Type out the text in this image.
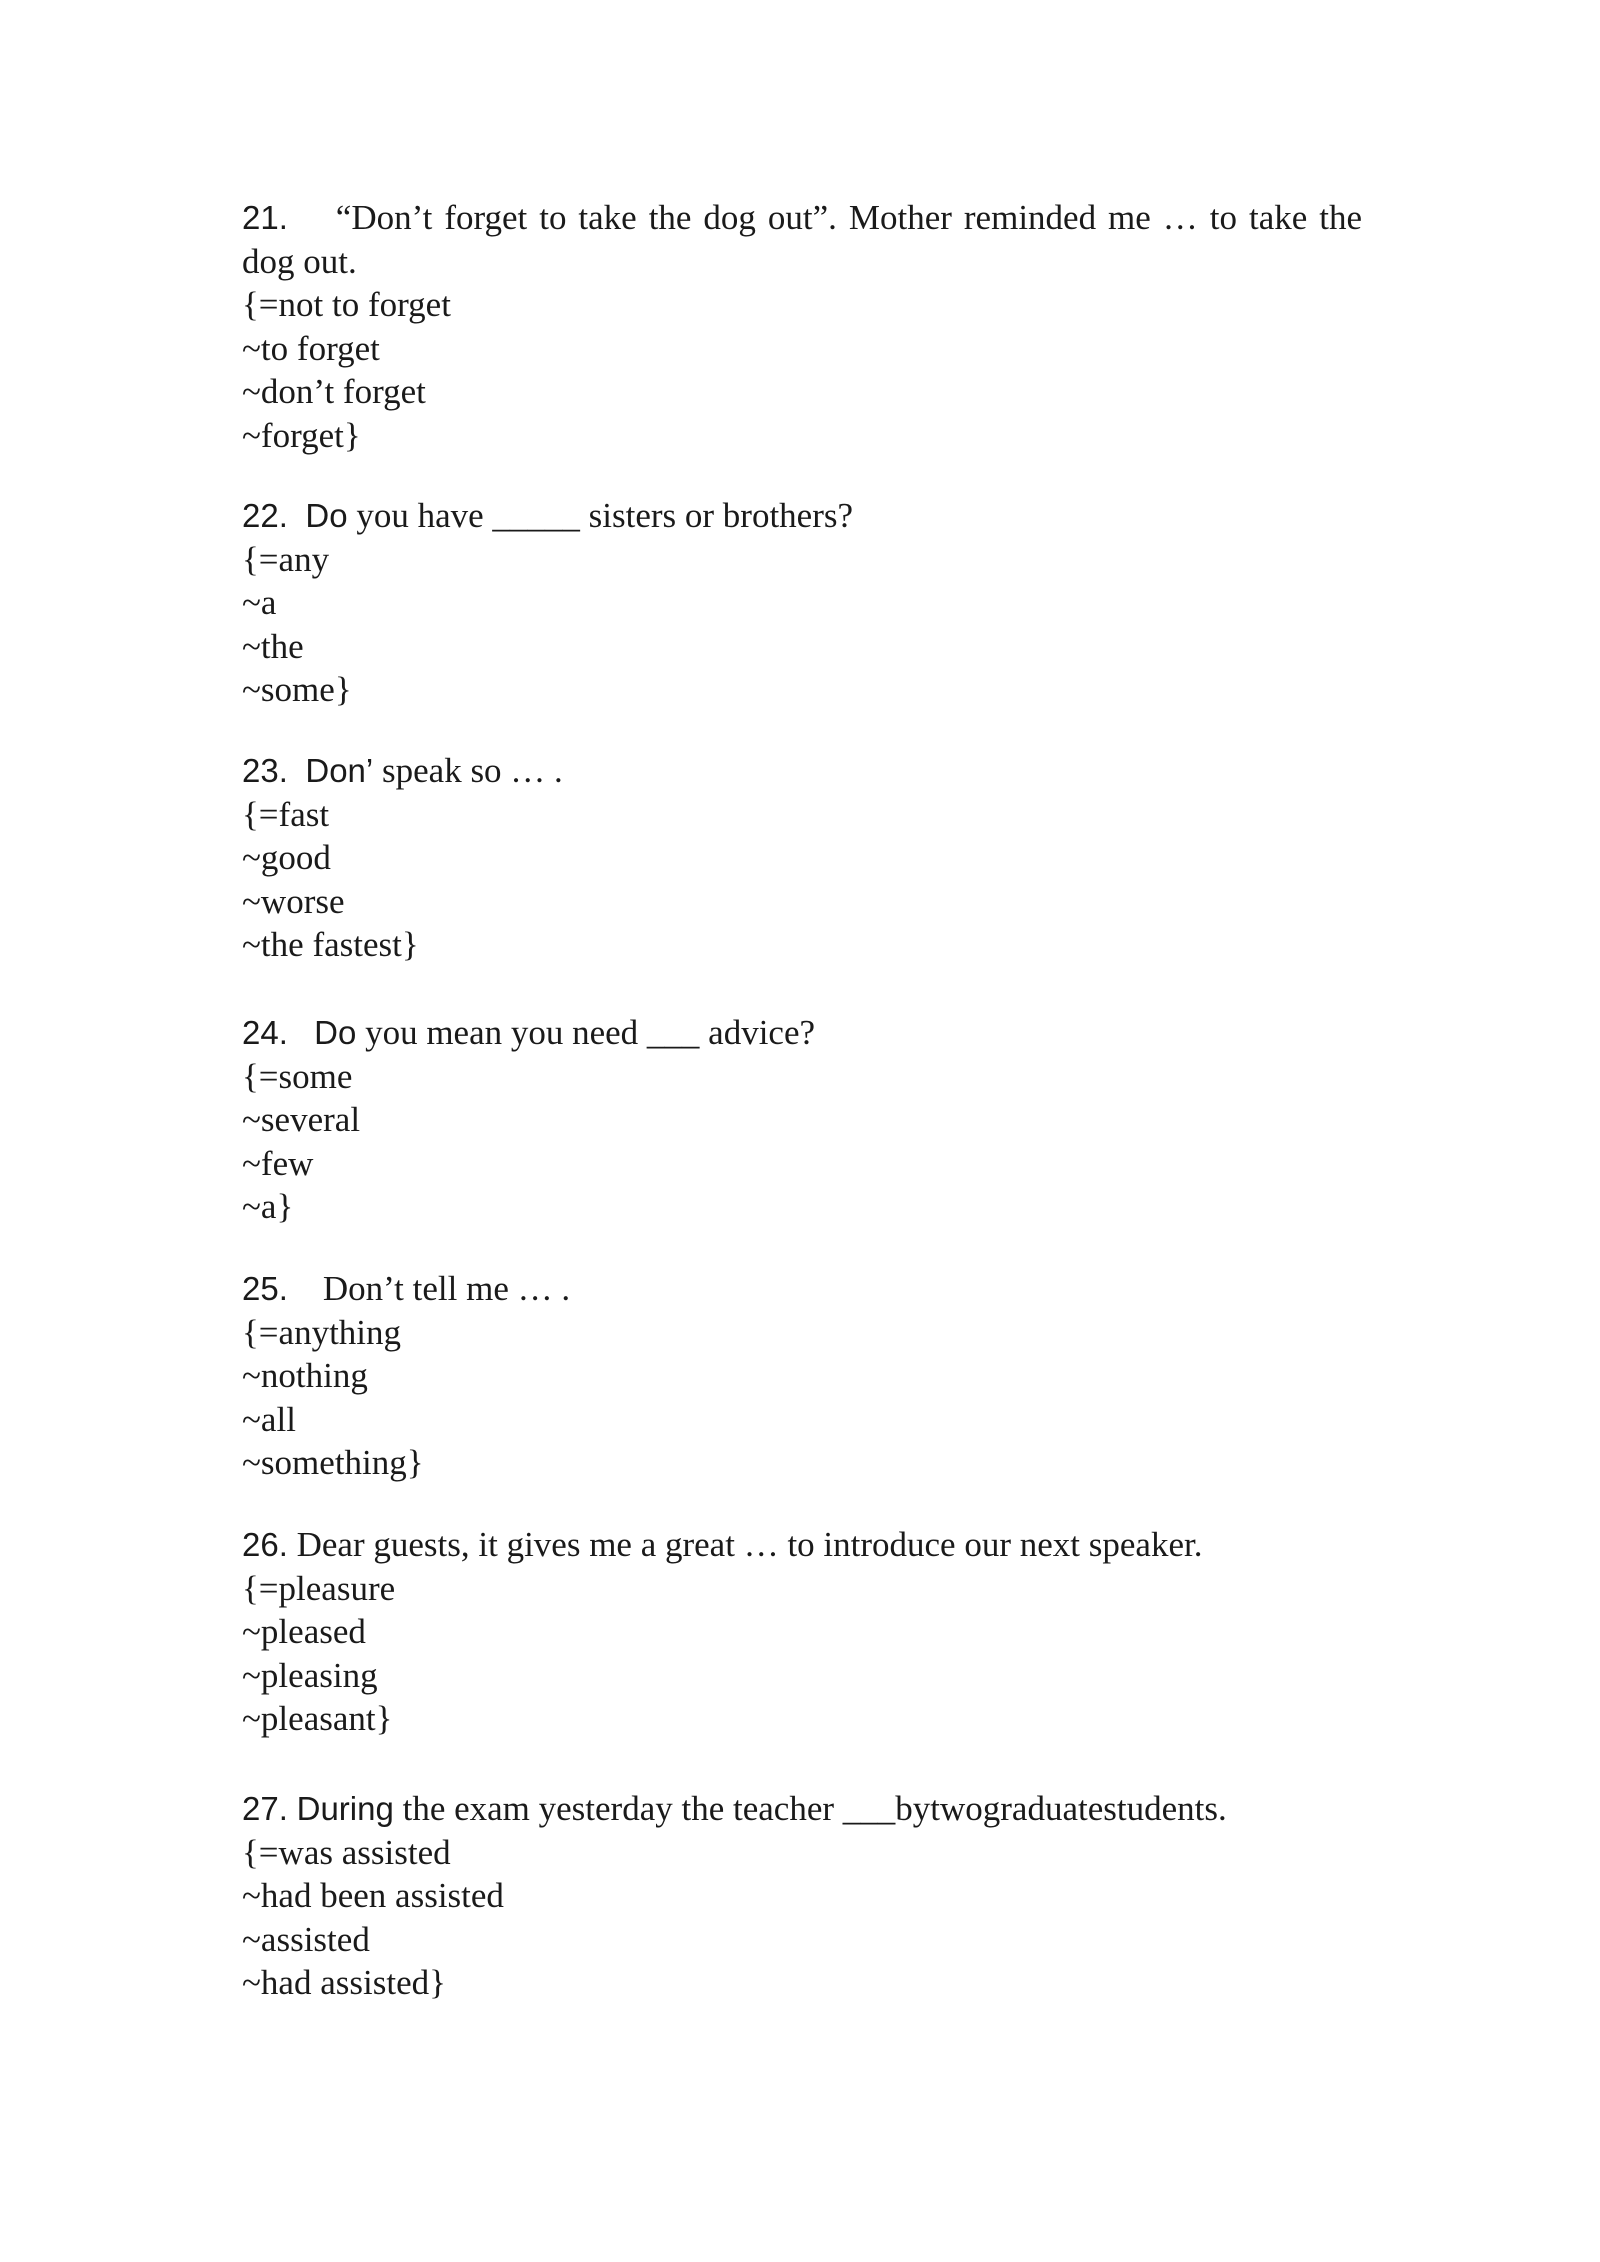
21. “Don’t forget to take the dog out”. Mother reminded me … to take the dog out.

{=not to forget

~to forget

~don’t forget

~forget}

22. Do you have _____ sisters or brothers?

{=any

~a

~the

~some}

23. Don’ speak so … .

{=fast

~good

~worse

~the fastest}

24. Do you mean you need ___ advice?

{=some

~several

~few

~a}

25. Don’t tell me … .

{=anything

~nothing

~all

~something}

26. Dear guests, it gives me a great … to introduce our next speaker.

{=pleasure

~pleased

~pleasing

~pleasant}

27. During the exam yesterday the teacher ___bytwograduatestudents.

{=was assisted

~had been assisted

~assisted

~had assisted}
